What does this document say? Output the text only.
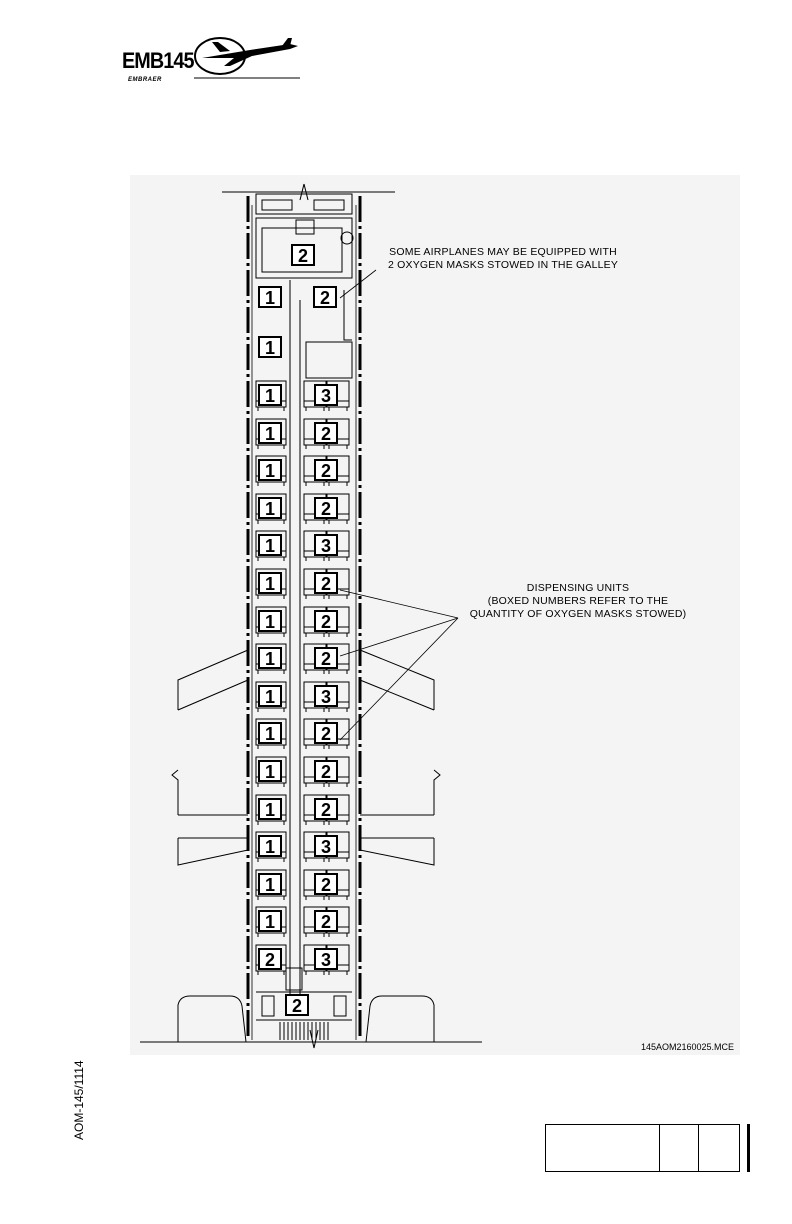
EMB145
EMBRAER
2
2
1
1
1	3
1	2
1	2
1	2
1	3
1	2
1	2
1	2
1	3
1	2
1	2
1	2
1	3
1	2
1	2
2	3
2
SOME AIRPLANES MAY BE EQUIPPED WITH
2 OXYGEN MASKS STOWED IN THE GALLEY
DISPENSING UNITS
(BOXED NUMBERS REFER TO THE
QUANTITY OF OXYGEN MASKS STOWED)
145AOM2160025.MCE
AOM-145/1114
